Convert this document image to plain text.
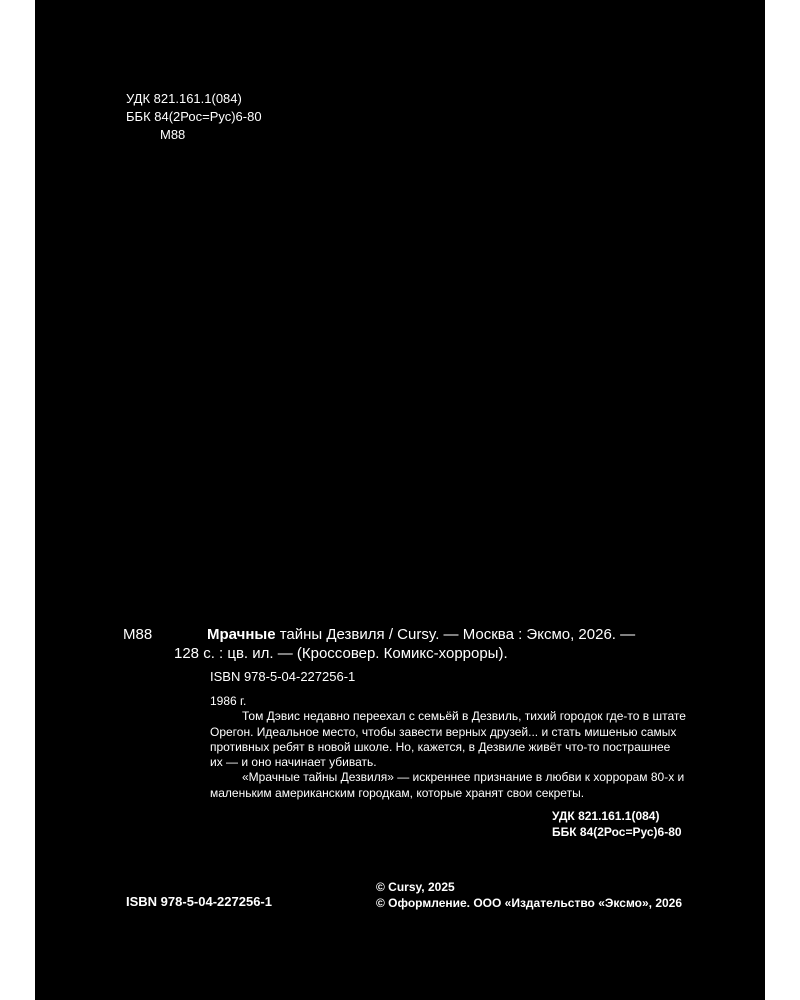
УДК 821.161.1(084)
ББК 84(2Рос=Рус)6-80
М88
М88	Мрачные тайны Дезвиля / Cursy. — Москва : Эксмо, 2026. —
128 с. : цв. ил. — (Кроссовер. Комикс-хорроры).
ISBN 978-5-04-227256-1

1986 г.

Том Дэвис недавно переехал с семьёй в Дезвиль, тихий городок где-то в штате

Орегон. Идеальное место, чтобы завести верных друзей... и стать мишенью самых

противных ребят в новой школе. Но, кажется, в Дезвиле живёт что-то пострашнее

их — и оно начинает убивать.

«Мрачные тайны Дезвиля» — искреннее признание в любви к хоррорам 80-х и

маленьким американским городкам, которые хранят свои секреты.

УДК 821.161.1(084)
ББК 84(2Рос=Рус)6-80
ISBN 978-5-04-227256-1
© Cursy, 2025
© Оформление. ООО «Издательство «Эксмо», 2026
